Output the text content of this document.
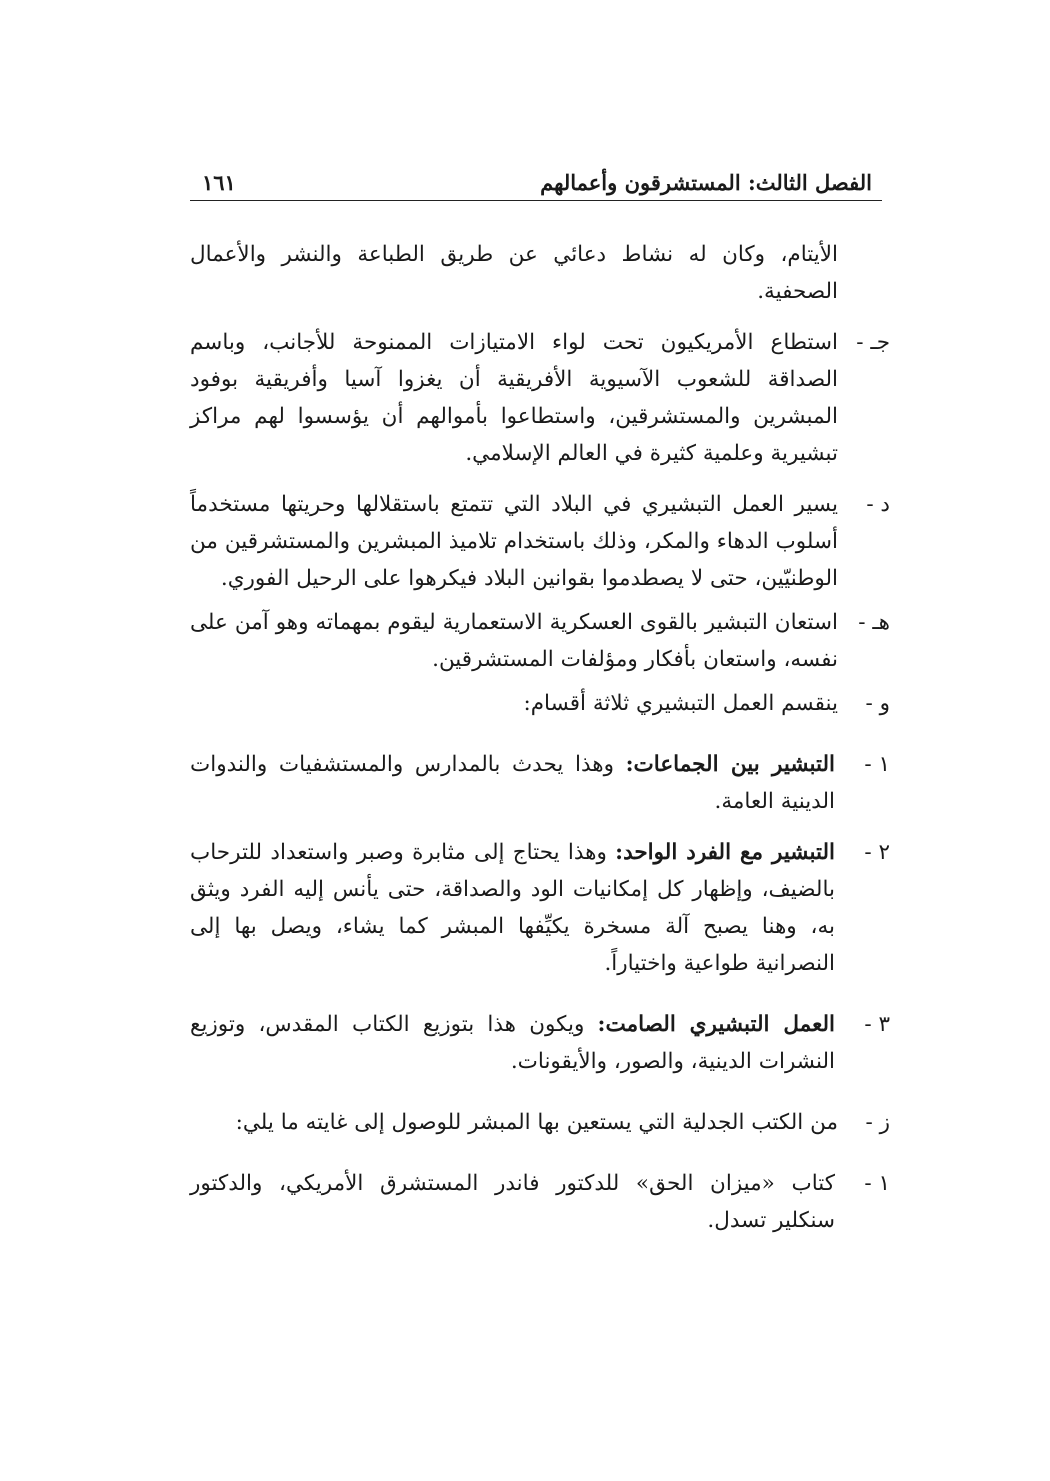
الفصل الثالث: المستشرقون وأعمالهم
١٦١

الأيتام، وكان له نشاط دعائي عن طريق الطباعة والنشر والأعمال الصحفية.

جـ -
استطاع الأمريكيون تحت لواء الامتيازات الممنوحة للأجانب، وباسم الصداقة للشعوب الآسيوية الأفريقية أن يغزوا آسيا وأفريقية بوفود المبشرين والمستشرقين، واستطاعوا بأموالهم أن يؤسسوا لهم مراكز تبشيرية وعلمية كثيرة في العالم الإسلامي.
د -
يسير العمل التبشيري في البلاد التي تتمتع باستقلالها وحريتها مستخدماً أسلوب الدهاء والمكر، وذلك باستخدام تلاميذ المبشرين والمستشرقين من الوطنيّين، حتى لا يصطدموا بقوانين البلاد فيكرهوا على الرحيل الفوري.
هـ -
استعان التبشير بالقوى العسكرية الاستعمارية ليقوم بمهماته وهو آمن على نفسه، واستعان بأفكار ومؤلفات المستشرقين.
و -
ينقسم العمل التبشيري ثلاثة أقسام:
١ -
التبشير بين الجماعات: وهذا يحدث بالمدارس والمستشفيات والندوات الدينية العامة.
٢ -
التبشير مع الفرد الواحد: وهذا يحتاج إلى مثابرة وصبر واستعداد للترحاب بالضيف، وإظهار كل إمكانيات الود والصداقة، حتى يأنس إليه الفرد ويثق به، وهنا يصبح آلة مسخرة يكيِّفها المبشر كما يشاء، ويصل بها إلى النصرانية طواعية واختياراً.
٣ -
العمل التبشيري الصامت: ويكون هذا بتوزيع الكتاب المقدس، وتوزيع النشرات الدينية، والصور، والأيقونات.
ز -
من الكتب الجدلية التي يستعين بها المبشر للوصول إلى غايته ما يلي:
١ -
كتاب «ميزان الحق» للدكتور فاندر المستشرق الأمريكي، والدكتور سنكلير تسدل.
